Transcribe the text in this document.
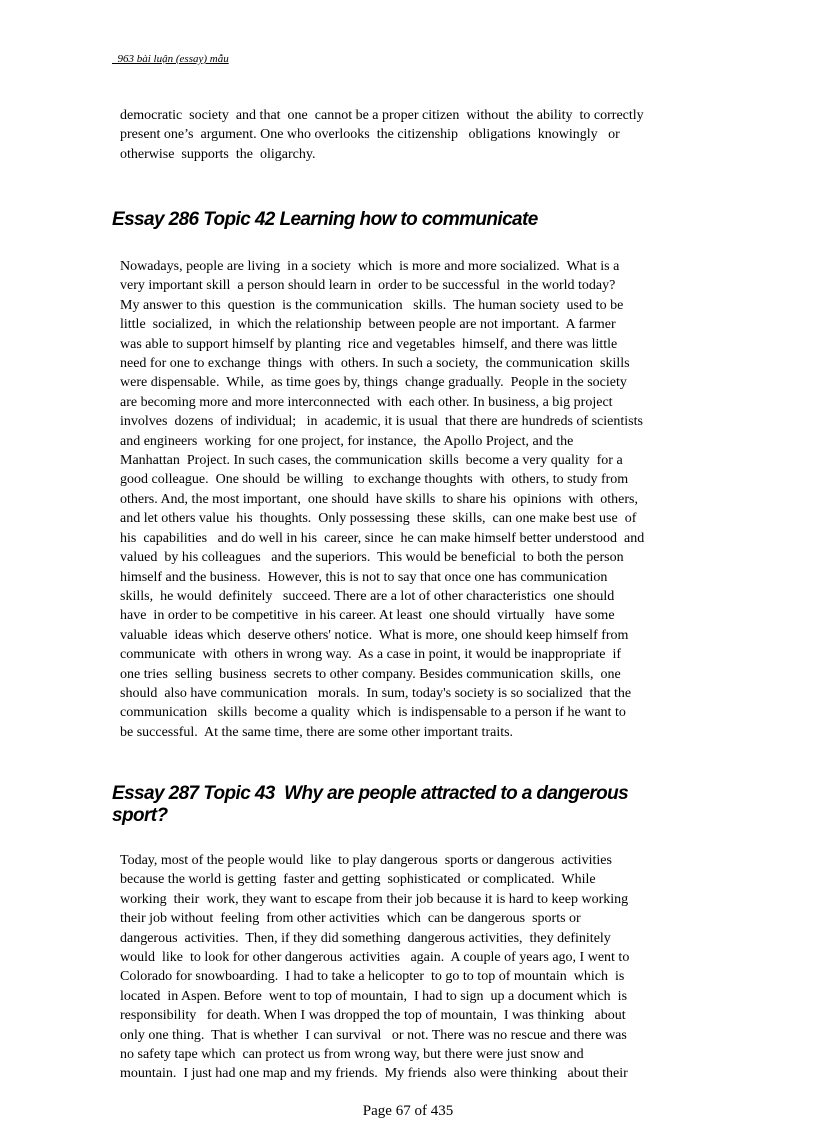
963 bài luận (essay) mẫu
democratic  society  and that  one  cannot be a proper citizen  without  the ability  to correctly
present one’s  argument. One who overlooks  the citizenship   obligations  knowingly   or
otherwise  supports  the  oligarchy.
Essay 286 Topic 42 Learning how to communicate
Nowadays, people are living  in a society  which  is more and more socialized.  What is a
very important skill  a person should learn in  order to be successful  in the world today?
My answer to this  question  is the communication   skills.  The human society  used to be
little  socialized,  in  which the relationship  between people are not important.  A farmer
was able to support himself by planting  rice and vegetables  himself, and there was little
need for one to exchange  things  with  others. In such a society,  the communication  skills
were dispensable.  While,  as time goes by, things  change gradually.  People in the society
are becoming more and more interconnected  with  each other. In business, a big project
involves  dozens  of individual;   in  academic, it is usual  that there are hundreds of scientists
and engineers  working  for one project, for instance,  the Apollo Project, and the
Manhattan  Project. In such cases, the communication  skills  become a very quality  for a
good colleague.  One should  be willing   to exchange thoughts  with  others, to study from
others. And, the most important,  one should  have skills  to share his  opinions  with  others,
and let others value  his  thoughts.  Only possessing  these  skills,  can one make best use  of
his  capabilities   and do well in his  career, since  he can make himself better understood  and
valued  by his colleagues   and the superiors.  This would be beneficial  to both the person
himself and the business.  However, this is not to say that once one has communication
skills,  he would  definitely   succeed. There are a lot of other characteristics  one should
have  in order to be competitive  in his career. At least  one should  virtually   have some
valuable  ideas which  deserve others' notice.  What is more, one should keep himself from
communicate  with  others in wrong way.  As a case in point, it would be inappropriate  if
one tries  selling  business  secrets to other company. Besides communication  skills,  one
should  also have communication   morals.  In sum, today's society is so socialized  that the
communication   skills  become a quality  which  is indispensable to a person if he want to
be successful.  At the same time, there are some other important traits.
Essay 287 Topic 43  Why are people attracted to a dangerous
sport?
Today, most of the people would  like  to play dangerous  sports or dangerous  activities
because the world is getting  faster and getting  sophisticated  or complicated.  While
working  their  work, they want to escape from their job because it is hard to keep working
their job without  feeling  from other activities  which  can be dangerous  sports or
dangerous  activities.  Then, if they did something  dangerous activities,  they definitely
would  like  to look for other dangerous  activities   again.  A couple of years ago, I went to
Colorado for snowboarding.  I had to take a helicopter  to go to top of mountain  which  is
located  in Aspen. Before  went to top of mountain,  I had to sign  up a document which  is
responsibility   for death. When I was dropped the top of mountain,  I was thinking   about
only one thing.  That is whether  I can survival   or not. There was no rescue and there was
no safety tape which  can protect us from wrong way, but there were just snow and
mountain.  I just had one map and my friends.  My friends  also were thinking   about their
Page 67 of 435
